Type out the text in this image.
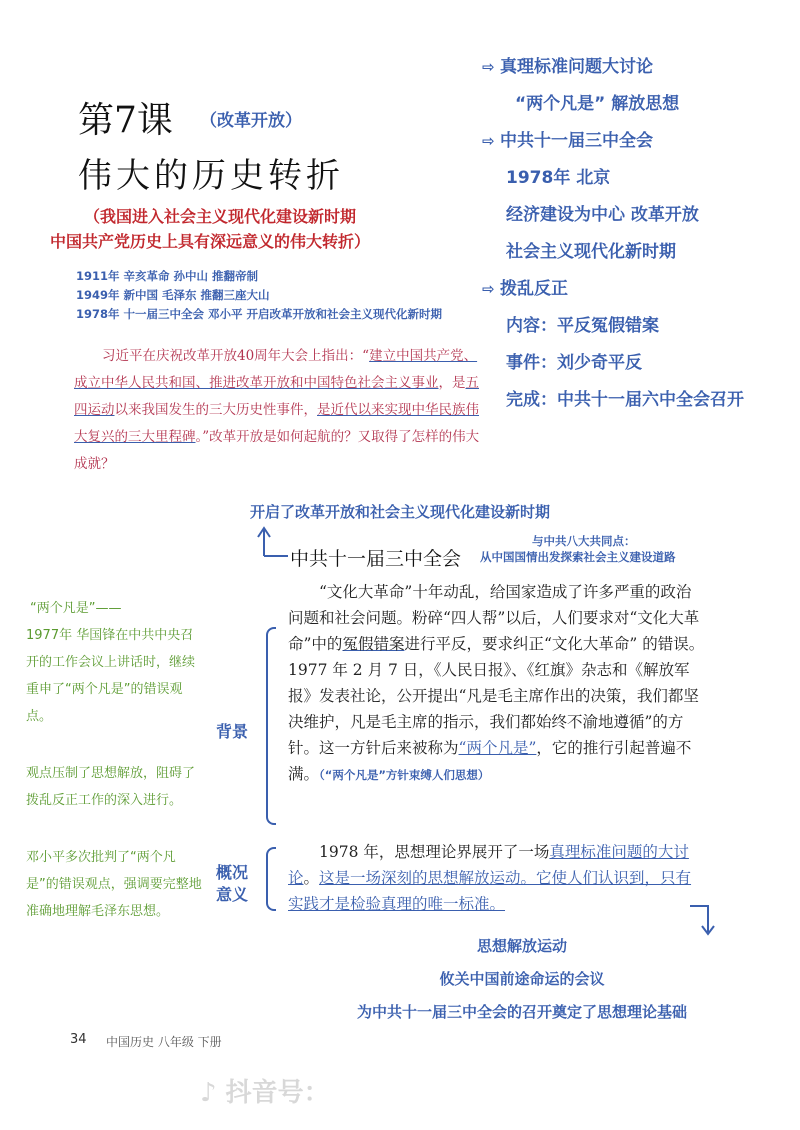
⇨ 真理标准问题大讨论
“两个凡是” 解放思想
⇨ 中共十一届三中全会
1978年 北京
经济建设为中心 改革开放
社会主义现代化新时期
⇨ 拨乱反正
内容：平反冤假错案
事件：刘少奇平反
完成：中共十一届六中全会召开
第7课 （改革开放）
伟大的历史转折
（我国进入社会主义现代化建设新时期
中国共产党历史上具有深远意义的伟大转折）
1911年 辛亥革命 孙中山 推翻帝制
1949年 新中国 毛泽东 推翻三座大山
1978年 十一届三中全会 邓小平 开启改革开放和社会主义现代化新时期
习近平在庆祝改革开放40周年大会上指出：“建立中国共产党、成立中华人民共和国、推进改革开放和中国特色社会主义事业，是五四运动以来我国发生的三大历史性事件，是近代以来实现中华民族伟大复兴的三大里程碑。”改革开放是如何起航的？又取得了怎样的伟大成就？
开启了改革开放和社会主义现代化建设新时期
中共十一届三中全会
与中共八大共同点：
从中国国情出发探索社会主义建设道路
“两个凡是”——
1977年 华国锋在中共中央召开的工作会议上讲话时，继续重申了“两个凡是”的错误观点。
观点压制了思想解放，阻碍了拨乱反正工作的深入进行。
邓小平多次批判了“两个凡是”的错误观点，强调要完整地准确地理解毛泽东思想。
背景
概况
意义
“文化大革命”十年动乱，给国家造成了许多严重的政治问题和社会问题。粉碎“四人帮”以后，人们要求对“文化大革命”中的冤假错案进行平反，要求纠正“文化大革命” 的错误。1977 年 2 月 7 日，《人民日报》、《红旗》杂志和《解放军报》发表社论，公开提出“凡是毛主席作出的决策，我们都坚决维护，凡是毛主席的指示，我们都始终不渝地遵循”的方针。这一方针后来被称为“两个凡是”，它的推行引起普遍不满。（“两个凡是”方针束缚人们思想）
1978 年，思想理论界展开了一场真理标准问题的大讨论。这是一场深刻的思想解放运动。它使人们认识到，只有实践才是检验真理的唯一标准。
思想解放运动
攸关中国前途命运的会议
为中共十一届三中全会的召开奠定了思想理论基础
34 中国历史 八年级 下册
♪ 抖音号：
